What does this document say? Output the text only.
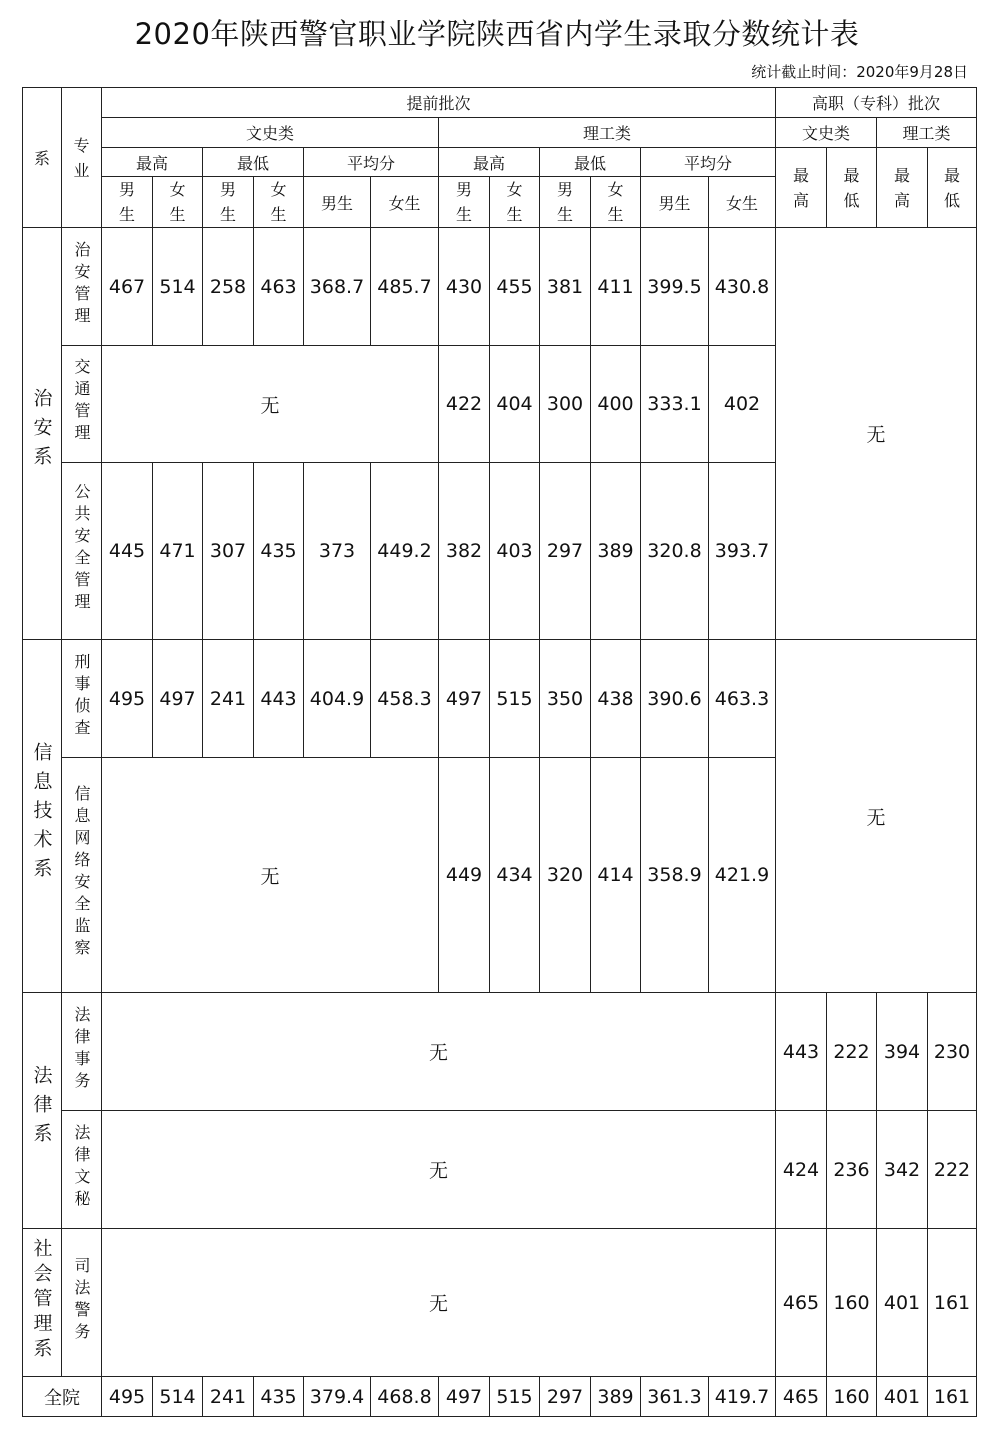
2020年陕西警官职业学院陕西省内学生录取分数统计表
统计截止时间：2020年9月28日
系	专业	提前批次												高职（专科）批次			
		文史类						理工类						文史类		理工类	
		最高		最低		平均分		最高		最低		平均分		最高	最低	最高	最低
		男生	女生	男生	女生	男生	女生	男生	女生	男生	女生	男生	女生				
治安系	治安管理	467	514	258	463	368.7	485.7	430	455	381	411	399.5	430.8	无			
	交通管理	无						422	404	300	400	333.1	402				
	公共安全管理	445	471	307	435	373	449.2	382	403	297	389	320.8	393.7				
信息技术系	刑事侦查	495	497	241	443	404.9	458.3	497	515	350	438	390.6	463.3	无			
	信息网络安全监察	无						449	434	320	414	358.9	421.9				
法律系	法律事务	无												443	222	394	230
	法律文秘	无												424	236	342	222
社会管理系	司法警务	无												465	160	401	161
全院		495	514	241	435	379.4	468.8	497	515	297	389	361.3	419.7	465	160	401	161
